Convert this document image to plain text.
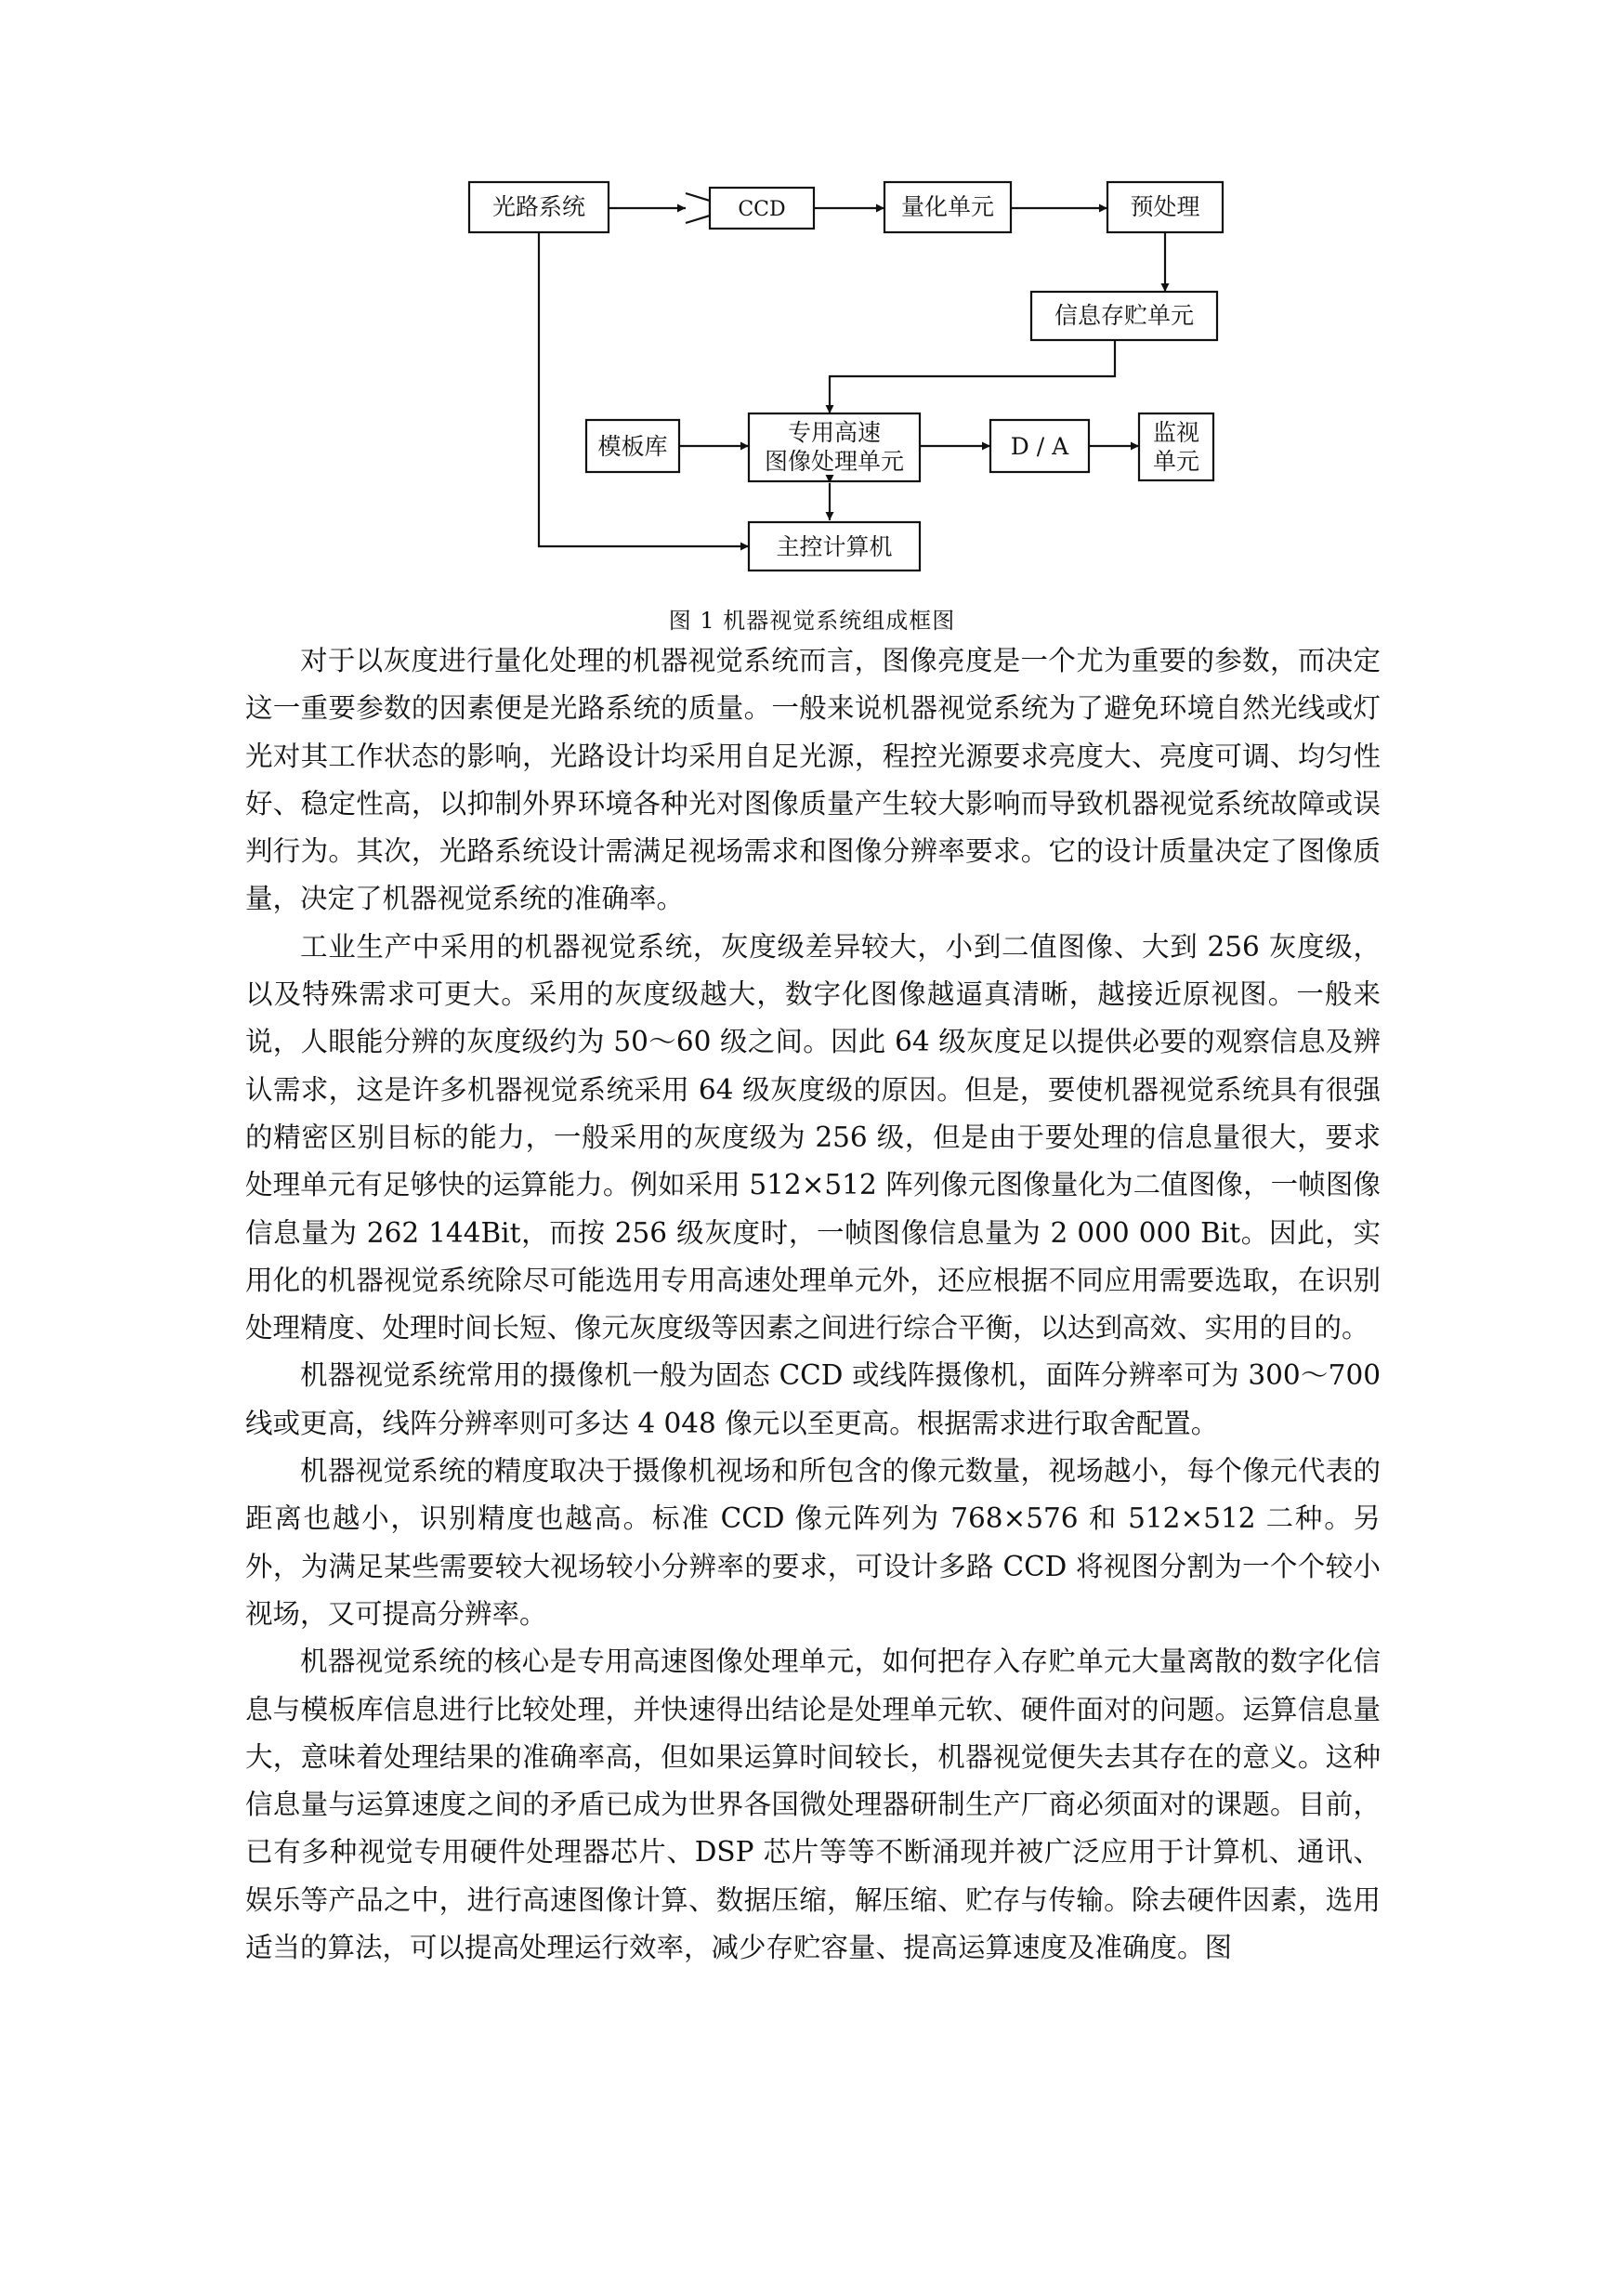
光路系统	CCD	量化单元	预处理
信息存贮单元
模板库
专用高速
图像处理单元
D / A
监视
单元
主控计算机
图 1 机器视觉系统组成框图

对于以灰度进行量化处理的机器视觉系统而言，图像亮度是一个尤为重要的参数，而决定这一重要参数的因素便是光路系统的质量。一般来说机器视觉系统为了避免环境自然光线或灯光对其工作状态的影响，光路设计均采用自足光源，程控光源要求亮度大、亮度可调、均匀性好、稳定性高，以抑制外界环境各种光对图像质量产生较大影响而导致机器视觉系统故障或误判行为。其次，光路系统设计需满足视场需求和图像分辨率要求。它的设计质量决定了图像质量，决定了机器视觉系统的准确率。

工业生产中采用的机器视觉系统，灰度级差异较大，小到二值图像、大到 256 灰度级，以及特殊需求可更大。采用的灰度级越大，数字化图像越逼真清晰，越接近原视图。一般来说，人眼能分辨的灰度级约为 50～60 级之间。因此 64 级灰度足以提供必要的观察信息及辨认需求，这是许多机器视觉系统采用 64 级灰度级的原因。但是，要使机器视觉系统具有很强的精密区别目标的能力，一般采用的灰度级为 256 级，但是由于要处理的信息量很大，要求处理单元有足够快的运算能力。例如采用 512×512 阵列像元图像量化为二值图像，一帧图像信息量为 262 144Bit，而按 256 级灰度时，一帧图像信息量为 2 000 000 Bit。因此，实用化的机器视觉系统除尽可能选用专用高速处理单元外，还应根据不同应用需要选取，在识别处理精度、处理时间长短、像元灰度级等因素之间进行综合平衡，以达到高效、实用的目的。

机器视觉系统常用的摄像机一般为固态 CCD 或线阵摄像机，面阵分辨率可为 300～700 线或更高，线阵分辨率则可多达 4 048 像元以至更高。根据需求进行取舍配置。

机器视觉系统的精度取决于摄像机视场和所包含的像元数量，视场越小，每个像元代表的距离也越小，识别精度也越高。标准 CCD 像元阵列为 768×576 和 512×512 二种。另外，为满足某些需要较大视场较小分辨率的要求，可设计多路 CCD 将视图分割为一个个较小视场，又可提高分辨率。

机器视觉系统的核心是专用高速图像处理单元，如何把存入存贮单元大量离散的数字化信息与模板库信息进行比较处理，并快速得出结论是处理单元软、硬件面对的问题。运算信息量大，意味着处理结果的准确率高，但如果运算时间较长，机器视觉便失去其存在的意义。这种信息量与运算速度之间的矛盾已成为世界各国微处理器研制生产厂商必须面对的课题。目前，已有多种视觉专用硬件处理器芯片、DSP 芯片等等不断涌现并被广泛应用于计算机、通讯、娱乐等产品之中，进行高速图像计算、数据压缩，解压缩、贮存与传输。除去硬件因素，选用适当的算法，可以提高处理运行效率，减少存贮容量、提高运算速度及准确度。图
